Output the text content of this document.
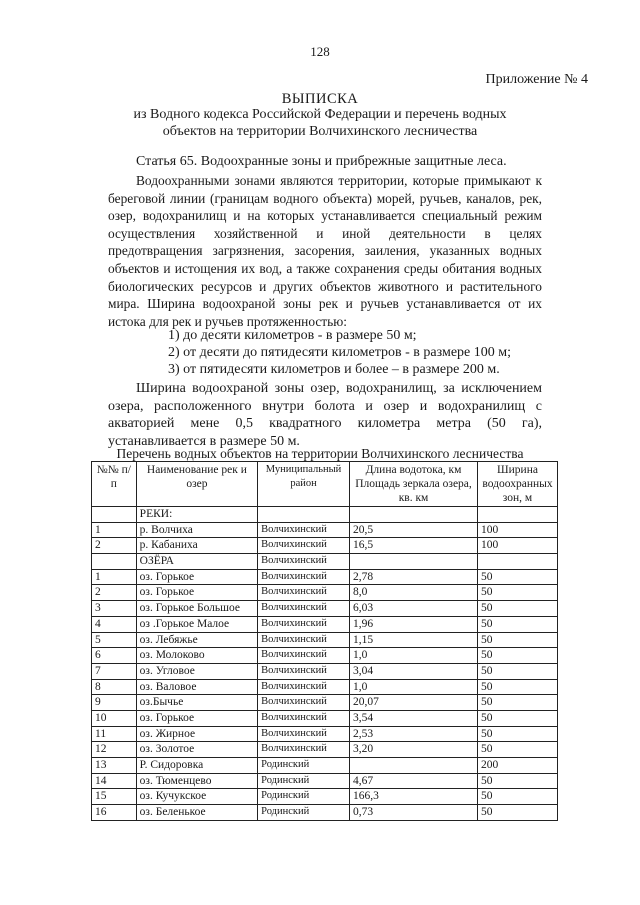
128
Приложение № 4
ВЫПИСКА
из Водного кодекса Российской Федерации и перечень водных
объектов на территории Волчихинского лесничества
Статья 65. Водоохранные зоны и прибрежные защитные леса.
Водоохранными зонами являются территории, которые примыкают к береговой линии (границам водного объекта) морей, ручьев, каналов, рек, озер, водохранилищ и на которых устанавливается специальный режим осуществления хозяйственной и иной деятельности в целях предотвращения загрязнения, засорения, заиления, указанных водных объектов и истощения их вод, а также сохранения среды обитания водных биологических ресурсов и других объектов животного и растительного мира. Ширина водоохраной зоны рек и ручьев устанавливается от их истока для рек и ручьев протяженностью:
1) до десяти километров - в размере 50 м;
2) от десяти до пятидесяти километров - в размере 100 м;
3) от пятидесяти километров и более – в размере 200 м.
Ширина водоохраной зоны озер, водохранилищ, за исключением озера, расположенного внутри болота и озер и водохранилищ с акваторией мене 0,5 квадратного километра метра (50 га), устанавливается в размере 50 м.
Перечень водных объектов на территории Волчихинского лесничества
№№ п/п	Наименование рек и озер	Муниципальный район	Длина водотока, км Площадь зеркала озера, кв. км	Ширина водоохранных зон, м
	РЕКИ:			
1	р. Волчиха	Волчихинский	20,5	100
2	р. Кабаниха	Волчихинский	16,5	100
	ОЗЁРА	Волчихинский		
1	оз. Горькое	Волчихинский	2,78	50
2	оз. Горькое	Волчихинский	8,0	50
3	оз. Горькое Большое	Волчихинский	6,03	50
4	оз .Горькое Малое	Волчихинский	1,96	50
5	оз. Лебяжье	Волчихинский	1,15	50
6	оз. Молоково	Волчихинский	1,0	50
7	оз. Угловое	Волчихинский	3,04	50
8	оз. Валовое	Волчихинский	1,0	50
9	оз.Бычье	Волчихинский	20,07	50
10	оз. Горькое	Волчихинский	3,54	50
11	оз. Жирное	Волчихинский	2,53	50
12	оз. Золотое	Волчихинский	3,20	50
13	Р. Сидоровка	Родинский		200
14	оз. Тюменцево	Родинский	4,67	50
15	оз. Кучукское	Родинский	166,3	50
16	оз. Беленькое	Родинский	0,73	50
